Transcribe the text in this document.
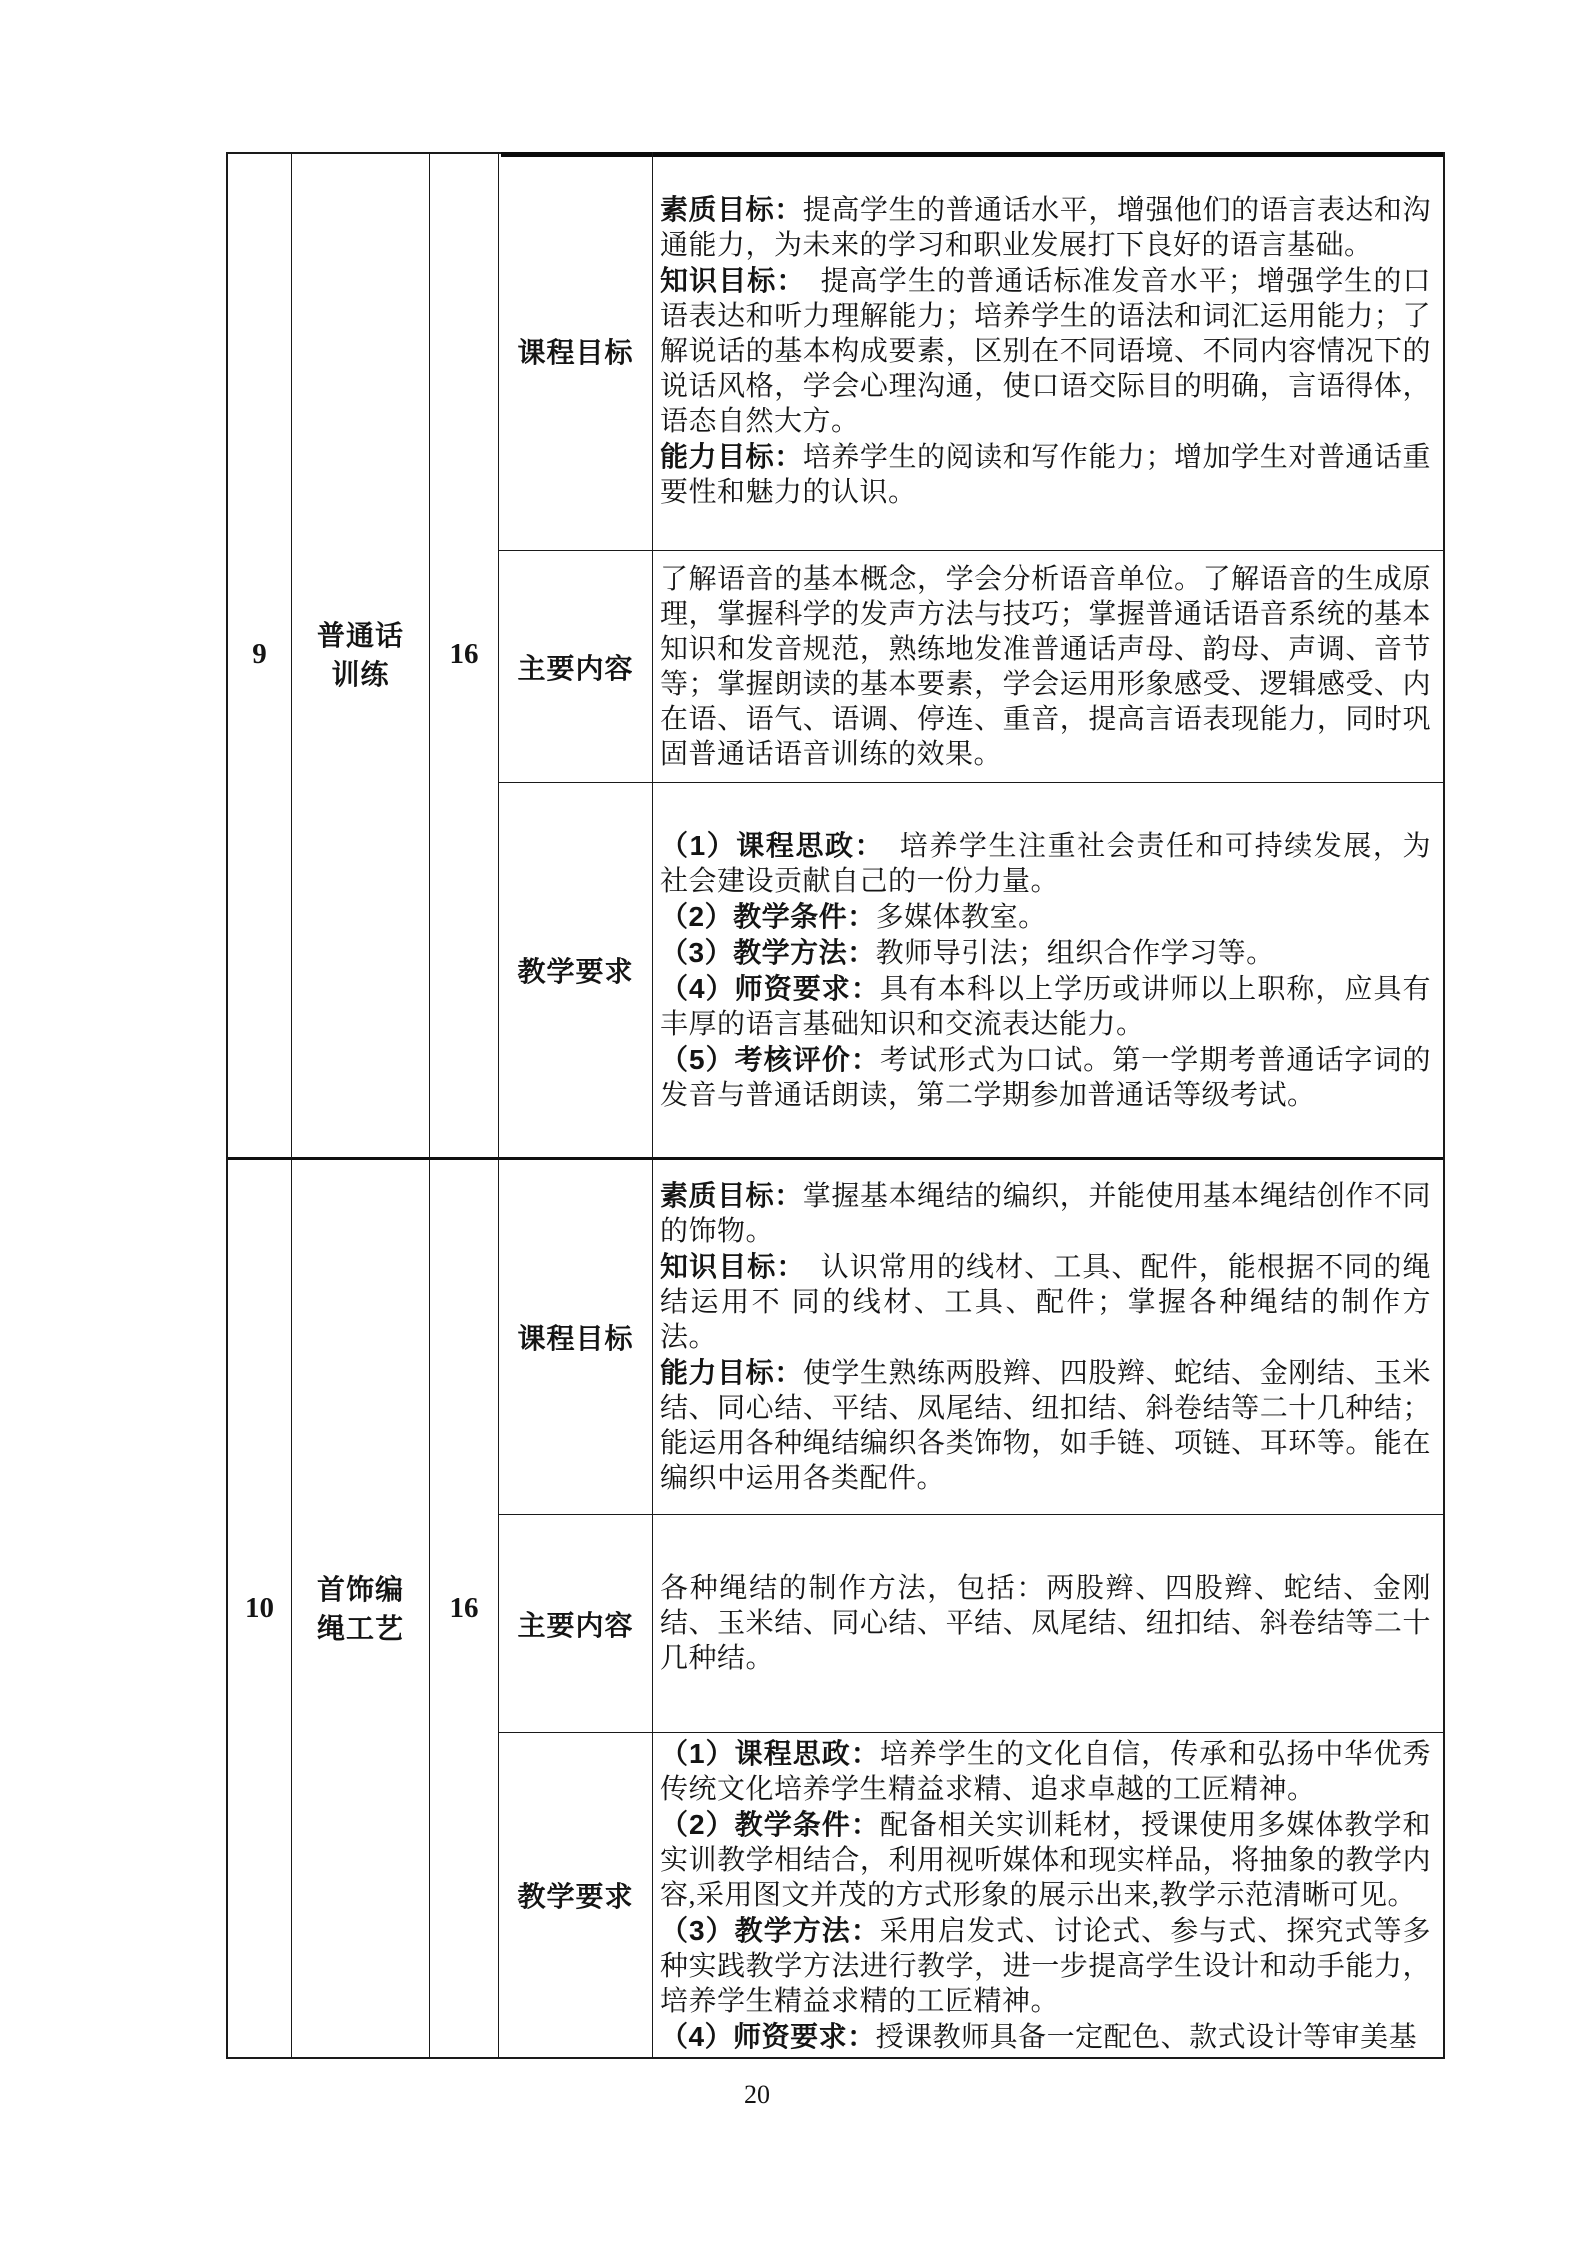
9
普通话
训练
16
课程目标

素质目标：提高学生的普通话水平，增强他们的语言表达和沟通能力，为未来的学习和职业发展打下良好的语言基础。

知识目标：　提高学生的普通话标准发音水平；增强学生的口语表达和听力理解能力；培养学生的语法和词汇运用能力；了解说话的基本构成要素，区别在不同语境、不同内容情况下的说话风格，学会心理沟通，使口语交际目的明确，言语得体，语态自然大方。

能力目标：培养学生的阅读和写作能力；增加学生对普通话重要性和魅力的认识。

主要内容

了解语音的基本概念，学会分析语音单位。了解语音的生成原理，掌握科学的发声方法与技巧；掌握普通话语音系统的基本知识和发音规范，熟练地发准普通话声母、韵母、声调、音节等；掌握朗读的基本要素，学会运用形象感受、逻辑感受、内在语、语气、语调、停连、重音，提高言语表现能力，同时巩固普通话语音训练的效果。

教学要求

（1）课程思政：　培养学生注重社会责任和可持续发展，为社会建设贡献自己的一份力量。

（2）教学条件：多媒体教室。

（3）教学方法：教师导引法；组织合作学习等。

（4）师资要求：具有本科以上学历或讲师以上职称，应具有丰厚的语言基础知识和交流表达能力。

（5）考核评价：考试形式为口试。第一学期考普通话字词的发音与普通话朗读，第二学期参加普通话等级考试。

10
首饰编
绳工艺
16
课程目标

素质目标：掌握基本绳结的编织，并能使用基本绳结创作不同的饰物。

知识目标：　认识常用的线材、工具、配件，能根据不同的绳结运用不 同的线材、工具、配件；掌握各种绳结的制作方法。

能力目标：使学生熟练两股辫、四股辫、蛇结、金刚结、玉米结、同心结、平结、凤尾结、纽扣结、斜卷结等二十几种结；能运用各种绳结编织各类饰物，如手链、项链、耳环等。能在编织中运用各类配件。

主要内容

各种绳结的制作方法，包括：两股辫、四股辫、蛇结、金刚结、玉米结、同心结、平结、凤尾结、纽扣结、斜卷结等二十几种结。

教学要求

（1）课程思政：培养学生的文化自信，传承和弘扬中华优秀传统文化培养学生精益求精、追求卓越的工匠精神。

（2）教学条件：配备相关实训耗材，授课使用多媒体教学和实训教学相结合，利用视听媒体和现实样品，将抽象的教学内容,采用图文并茂的方式形象的展示出来,教学示范清晰可见。

（3）教学方法：采用启发式、讨论式、参与式、探究式等多种实践教学方法进行教学，进一步提高学生设计和动手能力，培养学生精益求精的工匠精神。

（4）师资要求：授课教师具备一定配色、款式设计等审美基

20
